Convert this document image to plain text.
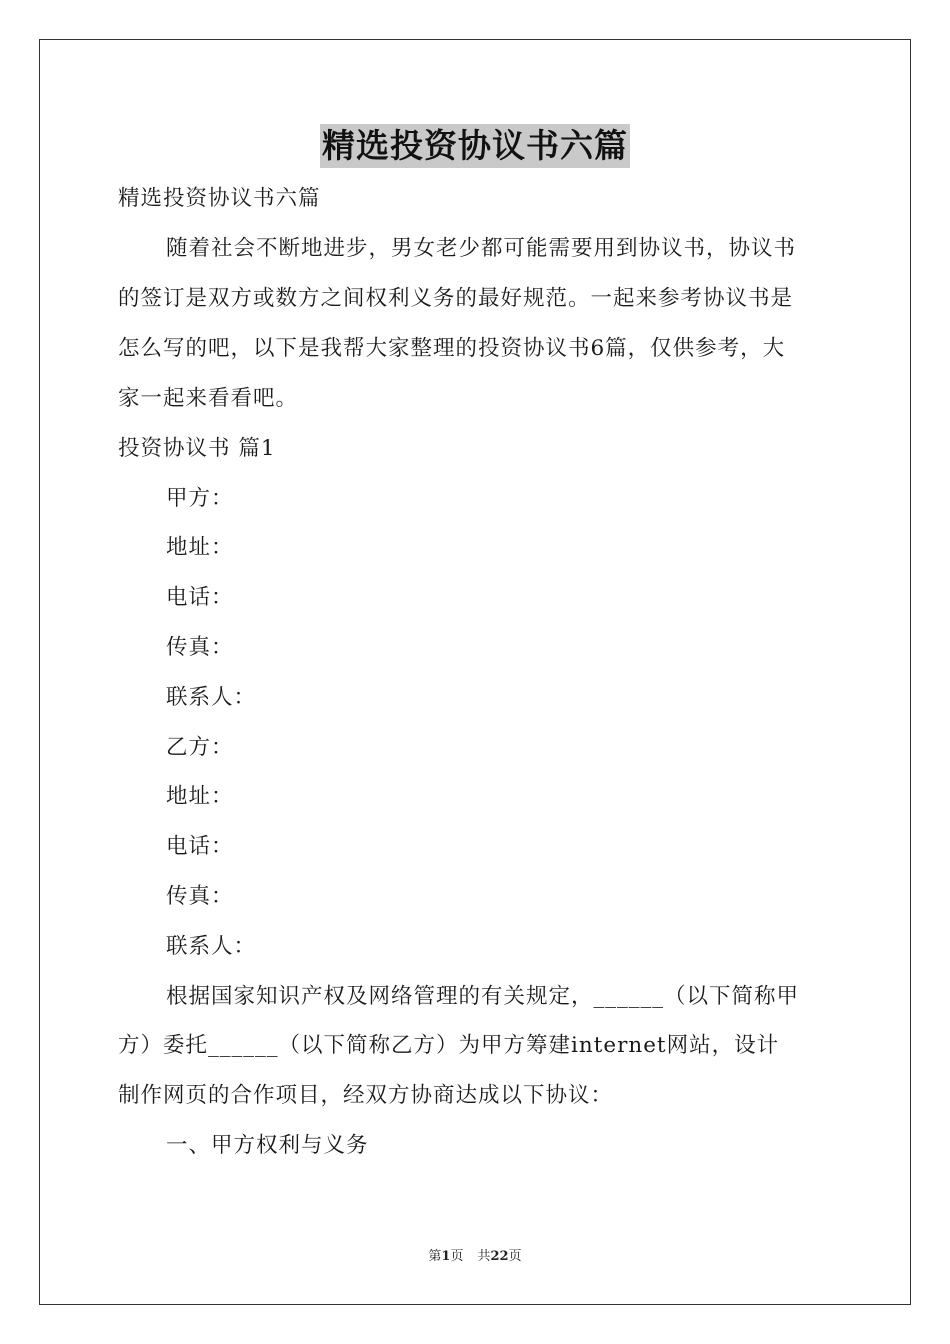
精选投资协议书六篇
精选投资协议书六篇
随着社会不断地进步，男女老少都可能需要用到协议书，协议书
的签订是双方或数方之间权利义务的最好规范。一起来参考协议书是
怎么写的吧，以下是我帮大家整理的投资协议书6篇，仅供参考，大
家一起来看看吧。
投资协议书 篇1
甲方：
地址：
电话：
传真：
联系人：
乙方：
地址：
电话：
传真：
联系人：
根据国家知识产权及网络管理的有关规定，______（以下简称甲
方）委托______（以下简称乙方）为甲方筹建internet网站，设计
制作网页的合作项目，经双方协商达成以下协议：
一、甲方权利与义务
第1页 共22页
